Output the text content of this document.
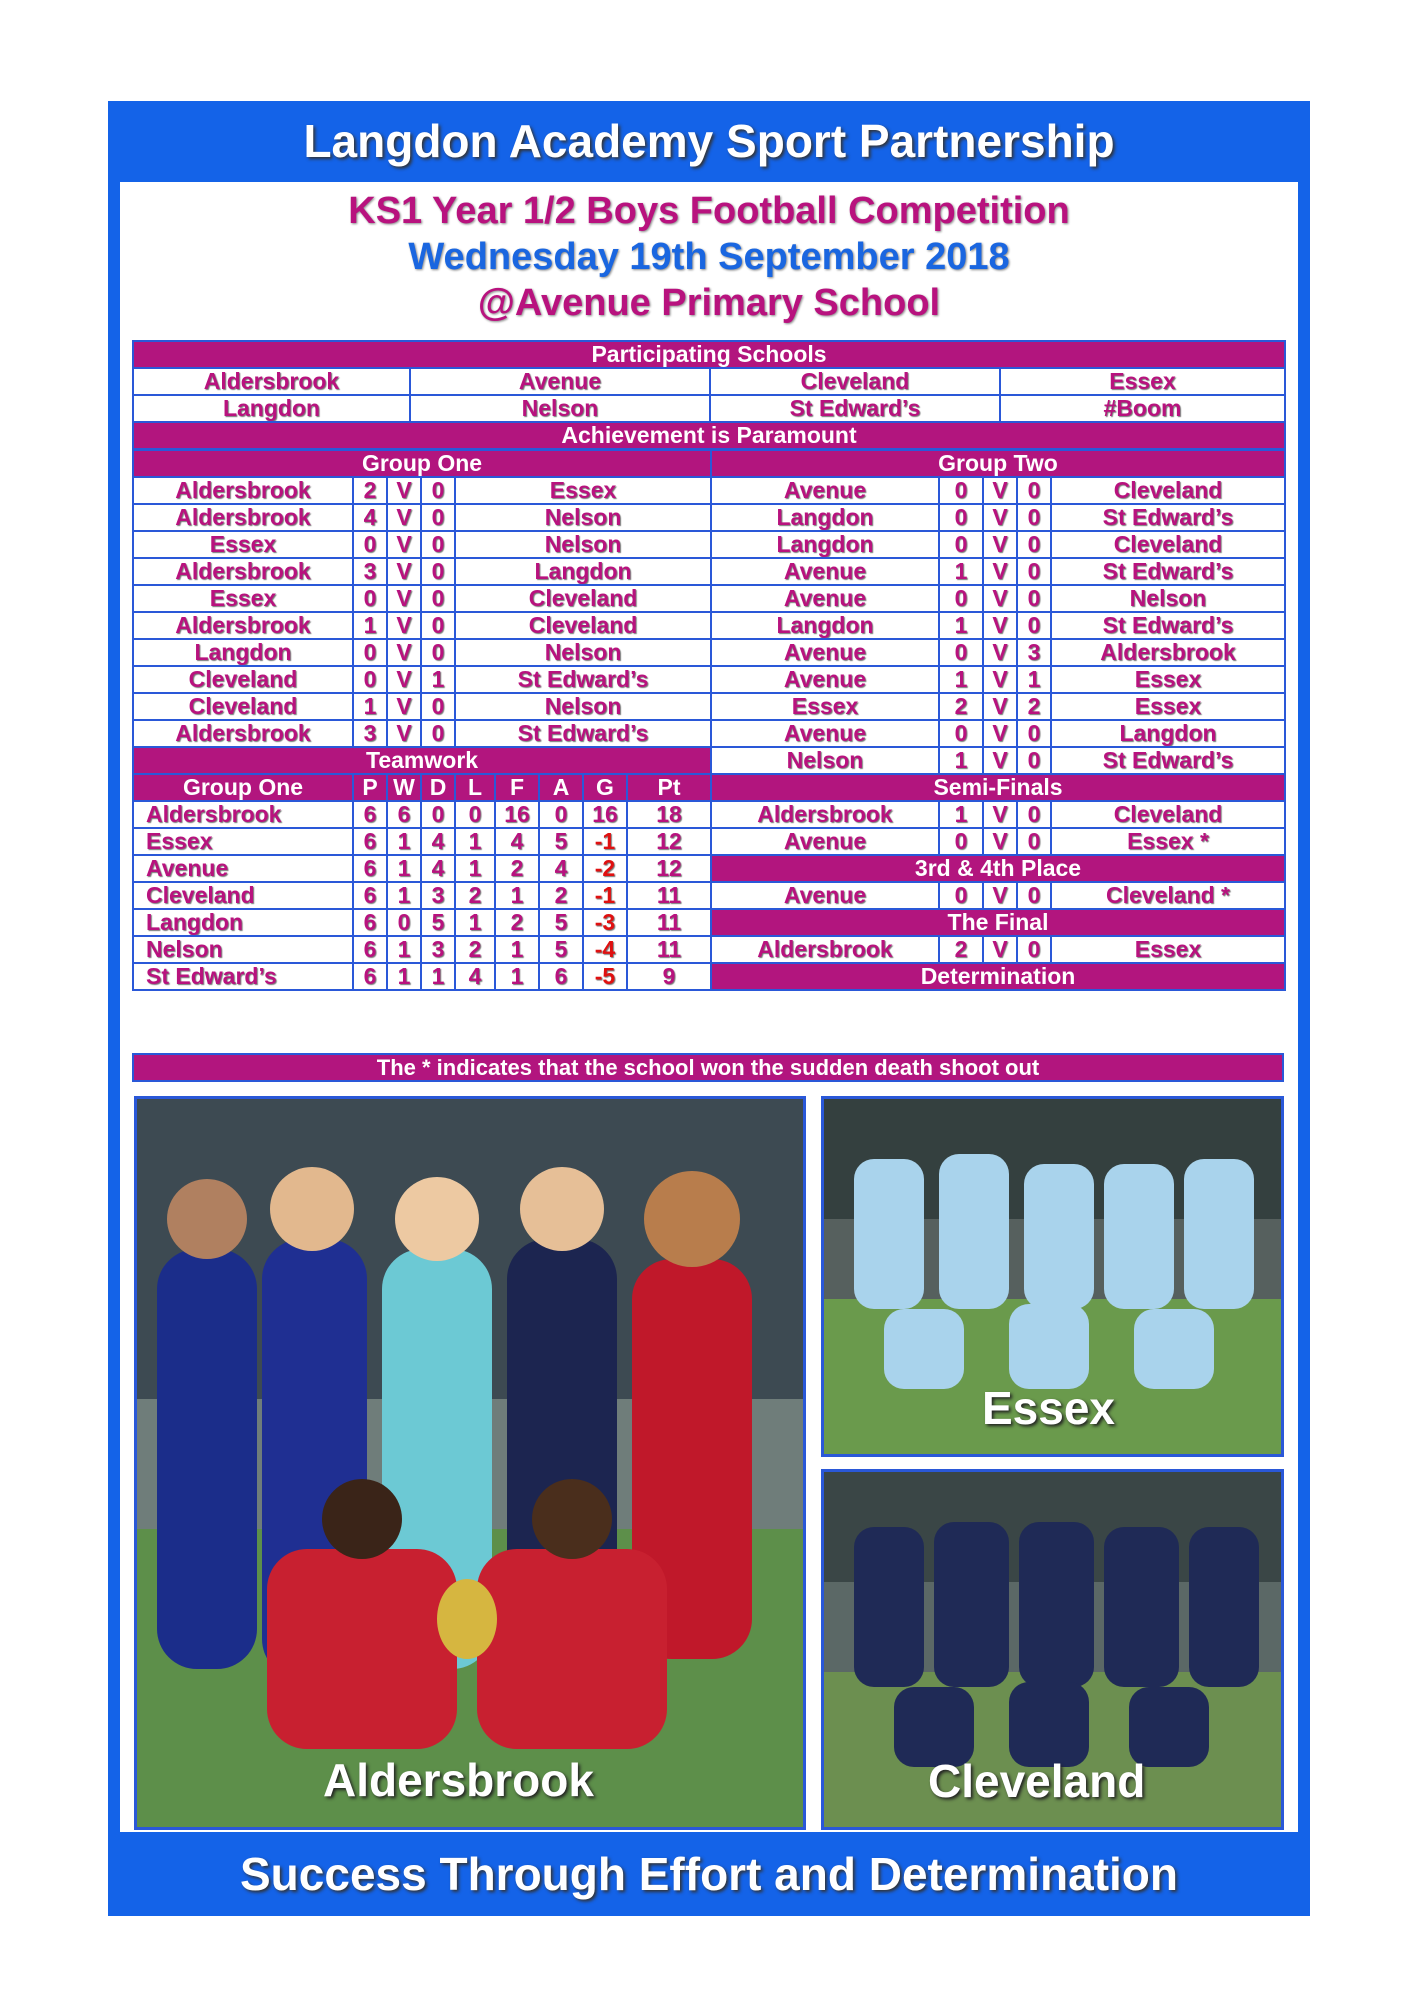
Langdon Academy Sport Partnership
KS1 Year 1/2 Boys Football Competition
Wednesday 19th September 2018
@Avenue Primary School
Participating Schools			
Aldersbrook	Avenue	Cleveland	Essex
Langdon	Nelson	St Edward’s	#Boom
Achievement is Paramount			
Group One								
Aldersbrook	2	V	0	Essex				
Aldersbrook	4	V	0	Nelson				
Essex	0	V	0	Nelson				
Aldersbrook	3	V	0	Langdon				
Essex	0	V	0	Cleveland				
Aldersbrook	1	V	0	Cleveland				
Langdon	0	V	0	Nelson				
Cleveland	0	V	1	St Edward’s				
Cleveland	1	V	0	Nelson				
Aldersbrook	3	V	0	St Edward’s				
Teamwork								
Group One	P	W	D	L	F	A	G	Pt
Aldersbrook	6	6	0	0	16	0	16	18
Essex	6	1	4	1	4	5	-1	12
Avenue	6	1	4	1	2	4	-2	12
Cleveland	6	1	3	2	1	2	-1	11
Langdon	6	0	5	1	2	5	-3	11
Nelson	6	1	3	2	1	5	-4	11
St Edward’s	6	1	1	4	1	6	-5	9
Group Two				
Avenue	0	V	0	Cleveland
Langdon	0	V	0	St Edward’s
Langdon	0	V	0	Cleveland
Avenue	1	V	0	St Edward’s
Avenue	0	V	0	Nelson
Langdon	1	V	0	St Edward’s
Avenue	0	V	3	Aldersbrook
Avenue	1	V	1	Essex
Essex	2	V	2	Essex
Avenue	0	V	0	Langdon
Nelson	1	V	0	St Edward’s
Semi-Finals				
Aldersbrook	1	V	0	Cleveland
Avenue	0	V	0	Essex *
3rd & 4th Place				
Avenue	0	V	0	Cleveland *
The Final				
Aldersbrook	2	V	0	Essex
Determination				
The * indicates that the school won the sudden death shoot out
Aldersbrook
Essex
Cleveland
Success Through Effort and Determination
